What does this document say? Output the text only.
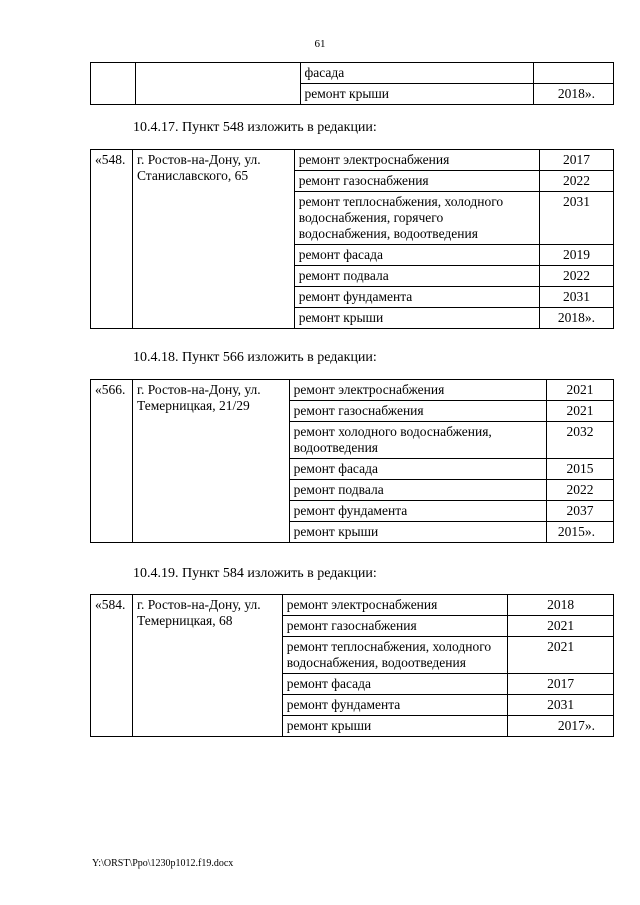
61
		фасада	
		ремонт крыши	2018».
10.4.17. Пункт 548 изложить в редакции:
«548.	г. Ростов-на-Дону, ул. Станиславского, 65	ремонт электроснабжения	2017
		ремонт газоснабжения	2022
		ремонт теплоснабжения, холодного водоснабжения, горячего водоснабжения, водоотведения	2031
		ремонт фасада	2019
		ремонт подвала	2022
		ремонт фундамента	2031
		ремонт крыши	2018».
10.4.18. Пункт 566 изложить в редакции:
«566.	г. Ростов-на-Дону, ул. Темерницкая, 21/29	ремонт электроснабжения	2021
		ремонт газоснабжения	2021
		ремонт холодного водоснабжения, водоотведения	2032
		ремонт фасада	2015
		ремонт подвала	2022
		ремонт фундамента	2037
		ремонт крыши	2015».
10.4.19. Пункт 584 изложить в редакции:
«584.	г. Ростов-на-Дону, ул. Темерницкая, 68	ремонт электроснабжения	2018
		ремонт газоснабжения	2021
		ремонт теплоснабжения, холодного водоснабжения, водоотведения	2021
		ремонт фасада	2017
		ремонт фундамента	2031
		ремонт крыши	2017».
Y:\ORST\Ppo\1230p1012.f19.docx
